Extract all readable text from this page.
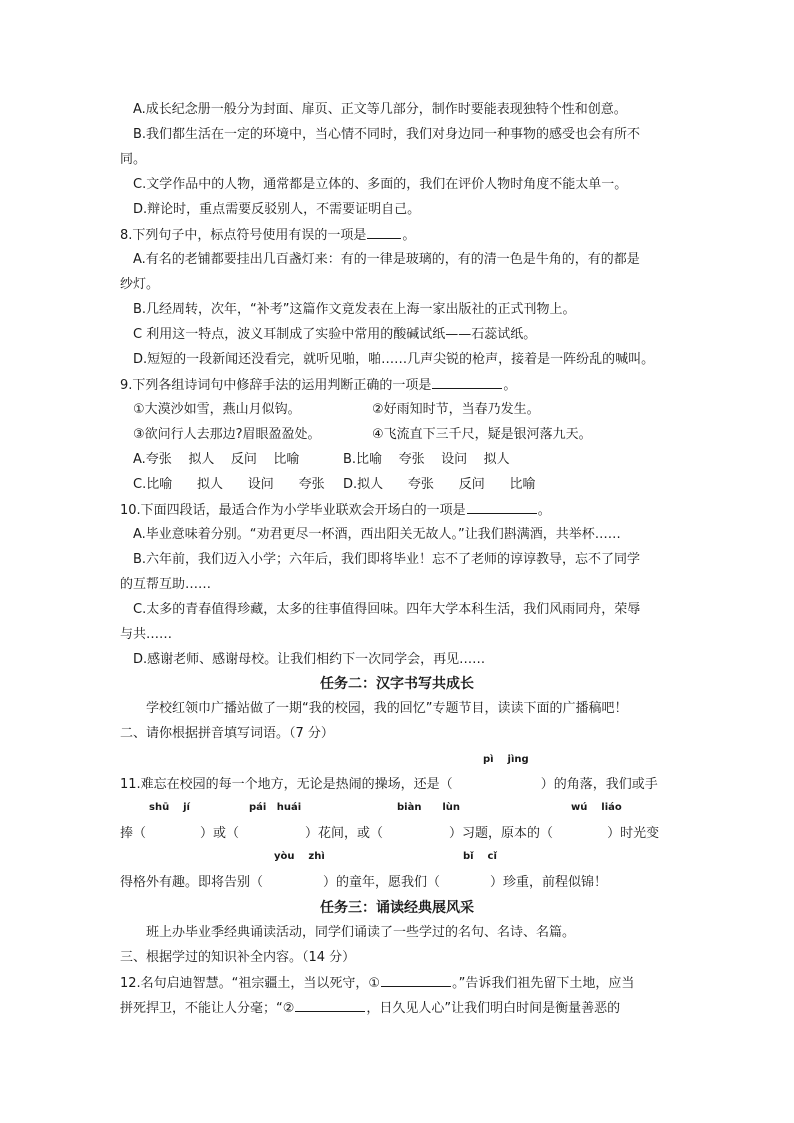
A.成长纪念册一般分为封面、扉页、正文等几部分，制作时要能表现独特个性和创意。
B.我们都生活在一定的环境中，当心情不同时，我们对身边同一种事物的感受也会有所不
同。
C.文学作品中的人物，通常都是立体的、多面的，我们在评价人物时角度不能太单一。
D.辩论时，重点需要反驳别人，不需要证明自己。
8.下列句子中，标点符号使用有误的一项是	。
A.有名的老铺都要挂出几百盏灯来：有的一律是玻璃的，有的清一色是牛角的，有的都是
纱灯。
B.几经周转，次年，“补考”这篇作文竟发表在上海一家出版社的正式刊物上。
C 利用这一特点，波义耳制成了实验中常用的酸碱试纸——石蕊试纸。
D.短短的一段新闻还没看完，就听见啪，啪……几声尖锐的枪声，接着是一阵纷乱的喊叫。
9.下列各组诗词句中修辞手法的运用判断正确的一项是	。
①大漠沙如雪，燕山月似钩。	②好雨知时节，当春乃发生。
③欲问行人去那边?眉眼盈盈处。	④飞流直下三千尺，疑是银河落九天。
A.夸张    拟人    反问    比喻	B.比喻    夸张    设问    拟人
C.比喻      拟人      设问      夸张	D.拟人      夸张      反问      比喻
10.下面四段话，最适合作为小学毕业联欢会开场白的一项是	。
A.毕业意味着分别。“劝君更尽一杯酒，西出阳关无故人。”让我们斟满酒，共举杯……
B.六年前，我们迈入小学；六年后，我们即将毕业！忘不了老师的谆谆教导，忘不了同学
的互帮互助……
C.太多的青春值得珍藏，太多的往事值得回味。四年大学本科生活，我们风雨同舟，荣辱
与共……
D.感谢老师、感谢母校。让我们相约下一次同学会，再见……
任务二：汉字书写共成长
学校红领巾广播站做了一期“我的校园，我的回忆”专题节目，读读下面的广播稿吧！
二、请你根据拼音填写词语。（7 分）
pì    jìng
11.难忘在校园的每一个地方，无论是热闹的操场，还是（	）的角落，我们或手
shū    jí	pái   huái	biàn      lùn	wú    liáo
捧（	）或（	）花间，或（	）习题，原本的（	）时光变
yòu    zhì	bǐ    cǐ
得格外有趣。即将告别（	）的童年，愿我们（	）珍重，前程似锦！
任务三：诵读经典展风采
班上办毕业季经典诵读活动，同学们诵读了一些学过的名句、名诗、名篇。
三、根据学过的知识补全内容。（14 分）
12.名句启迪智慧。“祖宗疆土，当以死守，①	。”告诉我们祖先留下土地，应当
拼死捍卫，不能让人分毫；“②	，日久见人心”让我们明白时间是衡量善恶的
